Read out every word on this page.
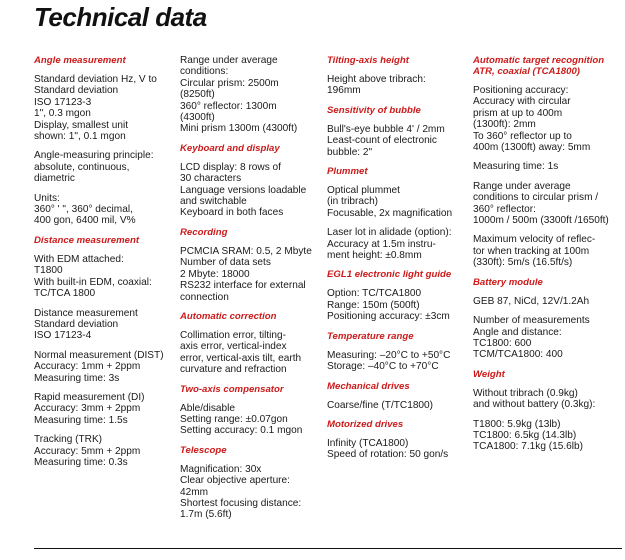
Technical data
Angle measurement
Standard deviation Hz, V to
Standard deviation
ISO 17123-3
1", 0.3 mgon
Display, smallest unit
shown: 1", 0.1 mgon
Angle-measuring principle:
absolute, continuous,
diametric
Units:
360° ' ", 360° decimal,
400 gon, 6400 mil, V%
Distance measurement
With EDM attached:
T1800
With built-in EDM, coaxial:
TC/TCA 1800
Distance measurement
Standard deviation
ISO 17123-4
Normal measurement (DIST)
Accuracy: 1mm + 2ppm
Measuring time: 3s
Rapid measurement (DI)
Accuracy: 3mm + 2ppm
Measuring time: 1.5s
Tracking (TRK)
Accuracy: 5mm + 2ppm
Measuring time: 0.3s
Range under average
conditions:
Circular prism: 2500m
(8250ft)
360° reflector: 1300m
(4300ft)
Mini prism 1300m (4300ft)
Keyboard and display
LCD display: 8 rows of
30 characters
Language versions loadable
and switchable
Keyboard in both faces
Recording
PCMCIA SRAM: 0.5, 2 Mbyte
Number of data sets
2 Mbyte: 18000
RS232 interface for external
connection
Automatic correction
Collimation error, tilting-
axis error, vertical-index
error, vertical-axis tilt, earth
curvature and refraction
Two-axis compensator
Able/disable
Setting range: ±0.07gon
Setting accuracy: 0.1 mgon
Telescope
Magnification: 30x
Clear objective aperture:
42mm
Shortest focusing distance:
1.7m (5.6ft)
Tilting-axis height
Height above tribrach:
196mm
Sensitivity of bubble
Bull's-eye bubble 4' / 2mm
Least-count of electronic
bubble: 2"
Plummet
Optical plummet
(in tribrach)
Focusable, 2x magnification
Laser lot in alidade (option):
Accuracy at 1.5m instru-
ment height: ±0.8mm
EGL1 electronic light guide
Option: TC/TCA1800
Range: 150m (500ft)
Positioning accuracy: ±3cm
Temperature range
Measuring: –20°C to +50°C
Storage: –40°C to +70°C
Mechanical drives
Coarse/fine (T/TC1800)
Motorized drives
Infinity (TCA1800)
Speed of rotation: 50 gon/s
Automatic target recognition
ATR, coaxial (TCA1800)
Positioning accuracy:
Accuracy with circular
prism at up to 400m
(1300ft): 2mm
To 360° reflector up to
400m (1300ft) away: 5mm
Measuring time: 1s
Range under average
conditions to circular prism /
360° reflector:
1000m / 500m (3300ft /1650ft)
Maximum velocity of reflec-
tor when tracking at 100m
(330ft): 5m/s (16.5ft/s)
Battery module
GEB 87, NiCd, 12V/1.2Ah
Number of measurements
Angle and distance:
TC1800: 600
TCM/TCA1800: 400
Weight
Without tribrach (0.9kg)
and without battery (0.3kg):
T1800: 5.9kg (13lb)
TC1800: 6.5kg (14.3lb)
TCA1800: 7.1kg (15.6lb)
